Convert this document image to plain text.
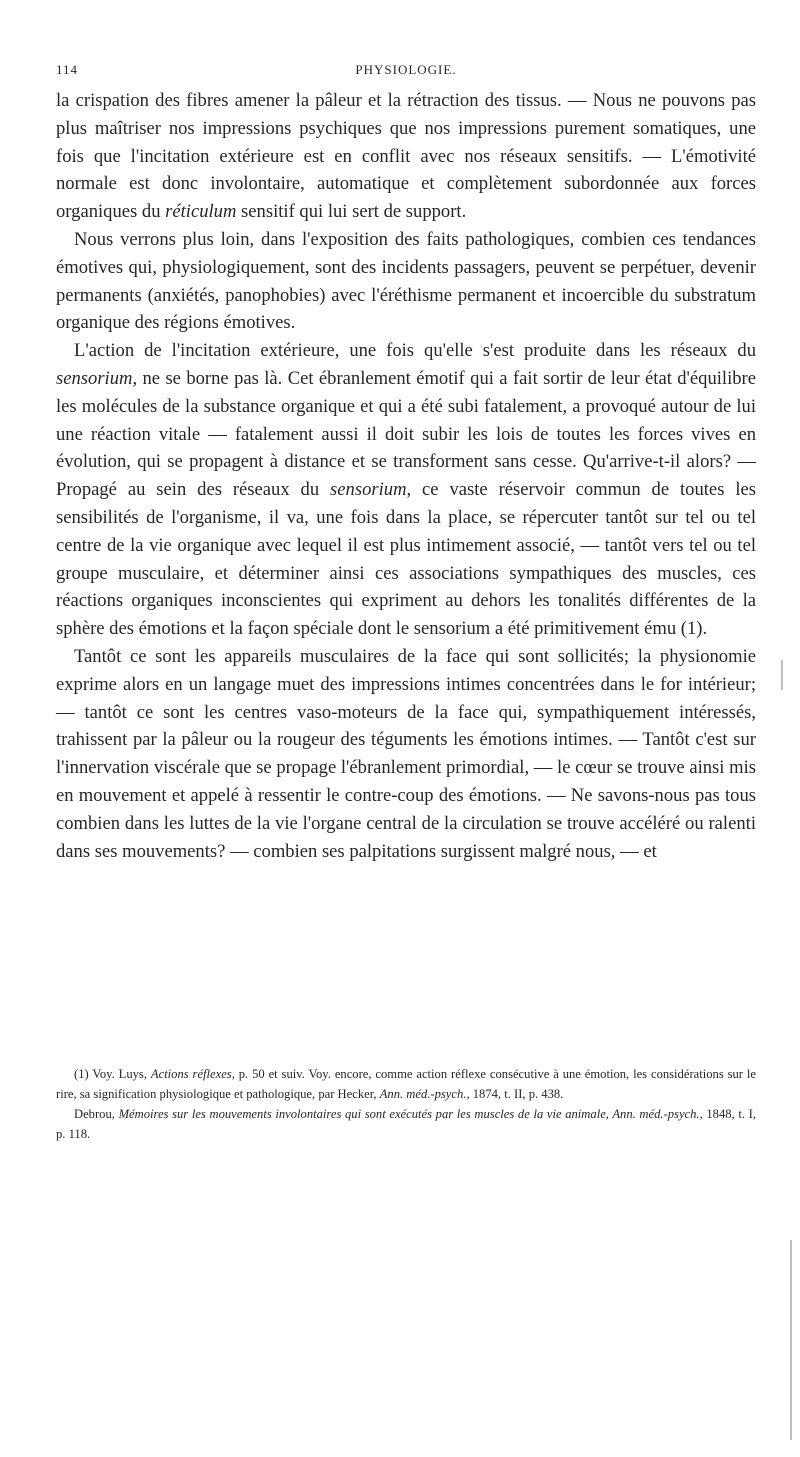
114	PHYSIOLOGIE.

la crispation des fibres amener la pâleur et la rétraction des tissus. — Nous ne pouvons pas plus maîtriser nos impressions psychiques que nos impressions purement somatiques, une fois que l'incitation extérieure est en conflit avec nos réseaux sensitifs. — L'émotivité normale est donc involontaire, automatique et complètement subordonnée aux forces organiques du réticulum sensitif qui lui sert de support.

Nous verrons plus loin, dans l'exposition des faits pathologiques, combien ces tendances émotives qui, physiologiquement, sont des incidents passagers, peuvent se perpétuer, devenir permanents (anxiétés, panophobies) avec l'éréthisme permanent et incoercible du substratum organique des régions émotives.

L'action de l'incitation extérieure, une fois qu'elle s'est produite dans les réseaux du sensorium, ne se borne pas là. Cet ébranlement émotif qui a fait sortir de leur état d'équilibre les molécules de la substance organique et qui a été subi fatalement, a provoqué autour de lui une réaction vitale — fatalement aussi il doit subir les lois de toutes les forces vives en évolution, qui se propagent à distance et se transforment sans cesse. Qu'arrive-t-il alors? — Propagé au sein des réseaux du sensorium, ce vaste réservoir commun de toutes les sensibilités de l'organisme, il va, une fois dans la place, se répercuter tantôt sur tel ou tel centre de la vie organique avec lequel il est plus intimement associé, — tantôt vers tel ou tel groupe musculaire, et déterminer ainsi ces associations sympathiques des muscles, ces réactions organiques inconscientes qui expriment au dehors les tonalités différentes de la sphère des émotions et la façon spéciale dont le sensorium a été primitivement ému (1).

Tantôt ce sont les appareils musculaires de la face qui sont sollicités; la physionomie exprime alors en un langage muet des impressions intimes concentrées dans le for intérieur; — tantôt ce sont les centres vaso-moteurs de la face qui, sympathiquement intéressés, trahissent par la pâleur ou la rougeur des téguments les émotions intimes. — Tantôt c'est sur l'innervation viscérale que se propage l'ébranlement primordial, — le cœur se trouve ainsi mis en mouvement et appelé à ressentir le contre-coup des émotions. — Ne savons-nous pas tous combien dans les luttes de la vie l'organe central de la circulation se trouve accéléré ou ralenti dans ses mouvements? — combien ses palpitations surgissent malgré nous, — et

(1) Voy. Luys, Actions réflexes, p. 50 et suiv. Voy. encore, comme action réflexe consécutive à une émotion, les considérations sur le rire, sa signification physiologique et pathologique, par Hecker, Ann. méd.-psych., 1874, t. II, p. 438.

Debrou, Mémoires sur les mouvements involontaires qui sont exécutés par les muscles de la vie animale, Ann. méd.-psych., 1848, t. I, p. 118.
